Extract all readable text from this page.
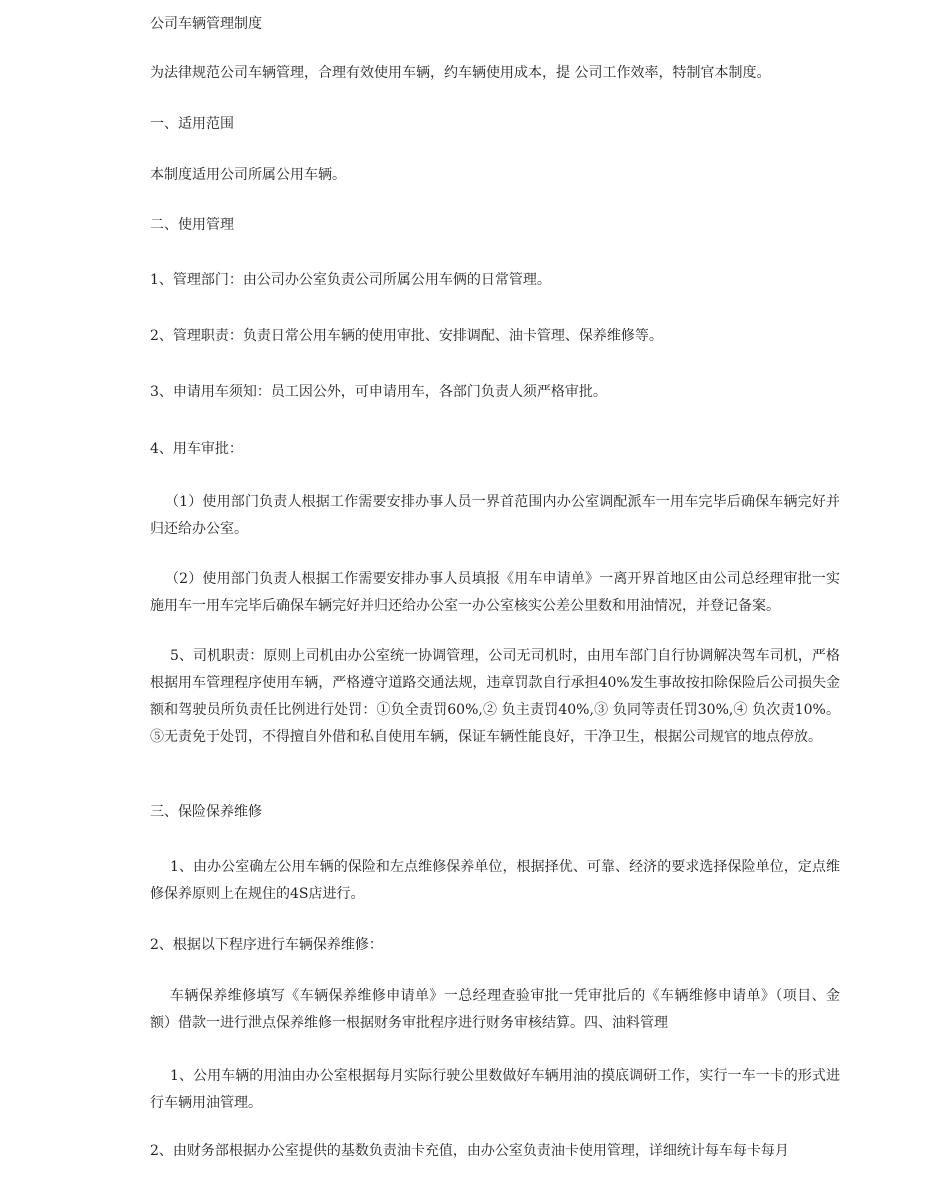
公司车辆管理制度
为法律规范公司车辆管理，合理有效使用车辆，约车辆使用成本，提 公司工作效率，特制官本制度。
一、适用范围
本制度适用公司所属公用车辆。
二、使用管理
1、管理部门：由公司办公室负责公司所属公用车俩的日常管理。
2、管理职责：负责日常公用车辆的使用审批、安排调配、油卡管理、保养维修等。
3、申请用车须知：员工因公外，可申请用车，各部门负责人须严格审批。
4、用车审批：
（1）使用部门负责人根据工作需要安排办事人员一界首范围内办公室调配派车一用车完毕后确保车辆完好并归还给办公室。
（2）使用部门负责人根据工作需要安排办事人员填报《用车申请单》一离开界首地区由公司总经理审批一实施用车一用车完毕后确保车辆完好并归还给办公室一办公室核实公差公里数和用油情况，并登记备案。
5、司机职责：原则上司机由办公室统一协调管理，公司无司机时，由用车部门自行协调解决驾车司机，严格根据用车管理程序使用车辆，严格遵守道路交通法规，违章罚款自行承担40%发生事故按扣除保险后公司损失金额和驾驶员所负责任比例进行处罚：①负全责罚60%,② 负主责罚40%,③ 负同等责任罚30%,④ 负次责10%。⑤无责免于处罚，不得擅自外借和私自使用车辆，保证车辆性能良好，干净卫生，根据公司规官的地点停放。
三、保险保养维修
1、由办公室确左公用车辆的保险和左点维修保养单位，根据择优、可靠、经济的要求选择保险单位，定点维修保养原则上在规住的4S店进行。
2、根据以下程序进行车辆保养维修：
车辆保养维修填写《车辆保养维修申请单》一总经理查验审批一凭审批后的《车辆维修申请单》（项目、金额）借款一进行泄点保养维修一根据财务审批程序进行财务审核结算。四、油料管理
1、公用车辆的用油由办公室根据每月实际行驶公里数做好车辆用油的摸底调研工作，实行一车一卡的形式进行车辆用油管理。
2、由财务部根据办公室提供的基数负责油卡充值，由办公室负责油卡使用管理，详细统计每车每卡每月
